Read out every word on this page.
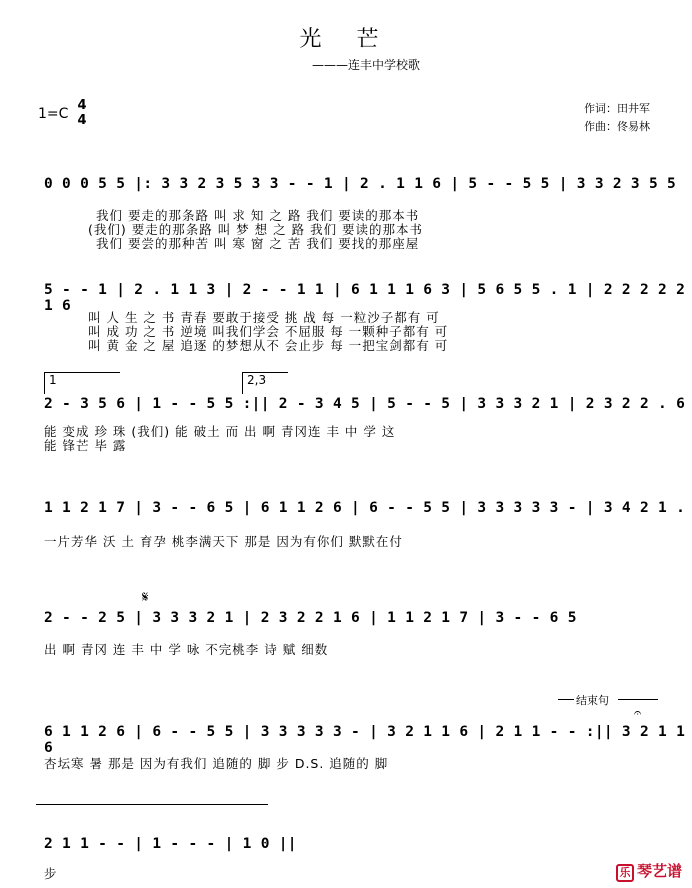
光 芒
———连丰中学校歌
1=C
4
4
作词：田井军
作曲：佟易林
0 0 0 5 5 |: 3 3 2 3 5 3 3 - - 1 | 2 . 1 1 6 | 5 - - 5 5 | 3 3 2 3 5 5
我们 要走的那条路 叫 求 知 之 路 我们 要读的那本书
(我们) 要走的那条路 叫 梦 想 之 路 我们 要读的那本书
我们 要尝的那种苦 叫 寒 窗 之 苦 我们 要找的那座屋
5 - - 1 | 2 . 1 1 3 | 2 - - 1 1 | 6 1 1 1 6 3 | 5 6 5 5 . 1 | 2 2 2 2 2 1 6
叫 人 生 之 书 青春 要敢于接受 挑 战 每 一粒沙子都有 可
叫 成 功 之 书 逆境 叫我们学会 不屈服 每 一颗种子都有 可
叫 黄 金 之 屋 追逐 的梦想从不 会止步 每 一把宝剑都有 可
1	2,3
2 - 3 5 6 | 1 - - 5 5 :|| 2 - 3 4 5 | 5 - - 5 | 3 3 3 2 1 | 2 3 2 2 . 6
能 变成 珍 珠 (我们) 能 破土 而 出 啊 青冈连 丰 中 学 这
能 锋芒 毕 露
1 1 2 1 7 | 3 - - 6 5 | 6 1 1 2 6 | 6 - - 5 5 | 3 3 3 3 3 - | 3 4 2 1 .
一片芳华 沃 土 育孕 桃李满天下 那是 因为有你们 默默在付
𝄋
2 - - 2 5 | 3 3 3 2 1 | 2 3 2 2 1 6 | 1 1 2 1 7 | 3 - - 6 5
出 啊 青冈 连 丰 中 学 咏 不完桃李 诗 赋 细数
结束句
𝄐
6 1 1 2 6 | 6 - - 5 5 | 3 3 3 3 3 - | 3 2 1 1 6 | 2 1 1 - - :|| 3 2 1 1 6
杏坛寒 暑 那是 因为有我们 追随的 脚 步 D.S. 追随的 脚
2 1 1 - - | 1 - - - | 1 0 ||
步	乐 琴艺谱
